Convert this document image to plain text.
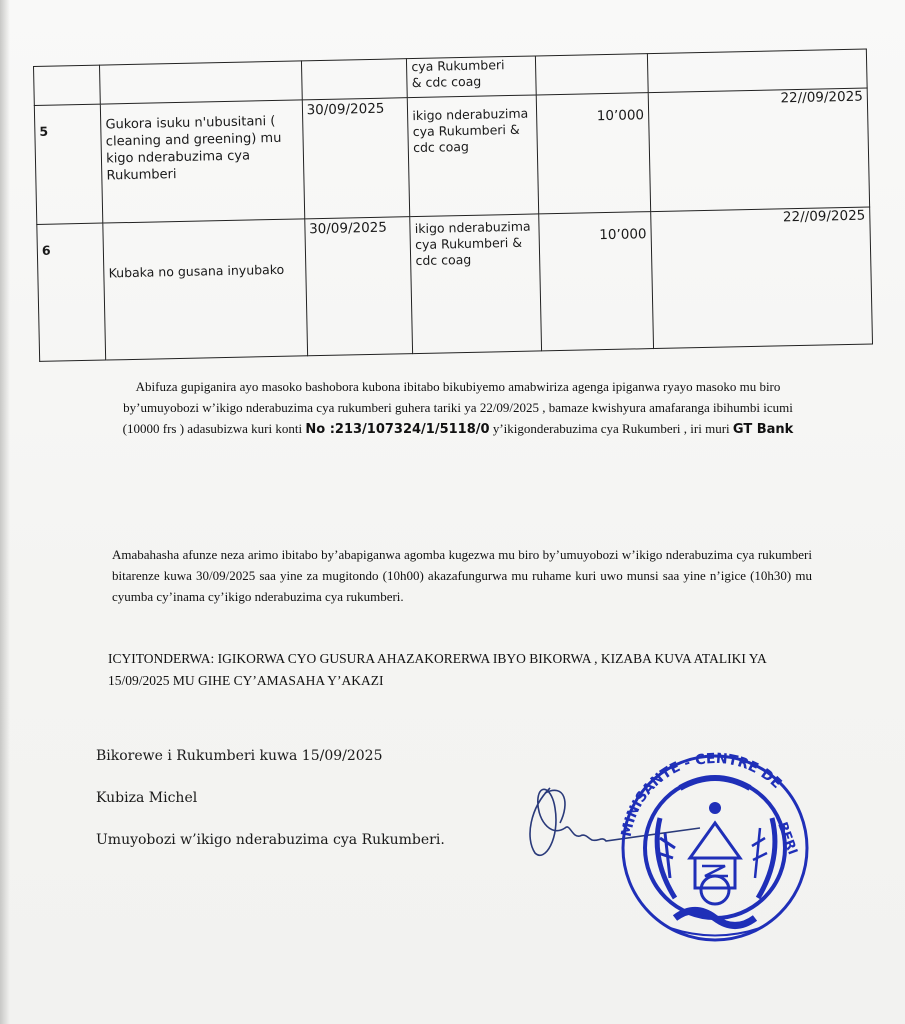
			cya Rukumberi
& cdc coag		
5	Gukora isuku n'ubusitani ( cleaning and greening) mu kigo nderabuzima cya Rukumberi	30/09/2025	ikigo nderabuzima cya Rukumberi & cdc coag	10’000	22//09/2025
6	Kubaka no gusana inyubako	30/09/2025	ikigo nderabuzima cya Rukumberi & cdc coag	10’000	22//09/2025
Abifuza gupiganira ayo masoko bashobora kubona ibitabo bikubiyemo amabwiriza agenga ipiganwa ryayo masoko mu biro by’umuyobozi w’ikigo nderabuzima cya rukumberi guhera tariki ya 22/09/2025 , bamaze kwishyura amafaranga ibihumbi icumi (10000 frs ) adasubizwa kuri konti No :213/107324/1/5118/0 y’ikigonderabuzima cya Rukumberi , iri muri GT Bank
Amabahasha afunze neza arimo ibitabo by’abapiganwa agomba kugezwa mu biro by’umuyobozi w’ikigo nderabuzima cya rukumberi bitarenze kuwa 30/09/2025 saa yine za mugitondo (10h00) akazafungurwa mu ruhame kuri uwo munsi saa yine n’igice (10h30) mu cyumba cy’inama cy’ikigo nderabuzima cya rukumberi.
ICYITONDERWA: IGIKORWA CYO GUSURA AHAZAKORERWA IBYO BIKORWA , KIZABA KUVA ATALIKI YA 15/09/2025 MU GIHE CY’AMASAHA Y’AKAZI
Bikorewe i Rukumberi kuwa 15/09/2025
Kubiza Michel
Umuyobozi w’ikigo nderabuzima cya Rukumberi.
MINISANTE - CENTRE DE
BERI
